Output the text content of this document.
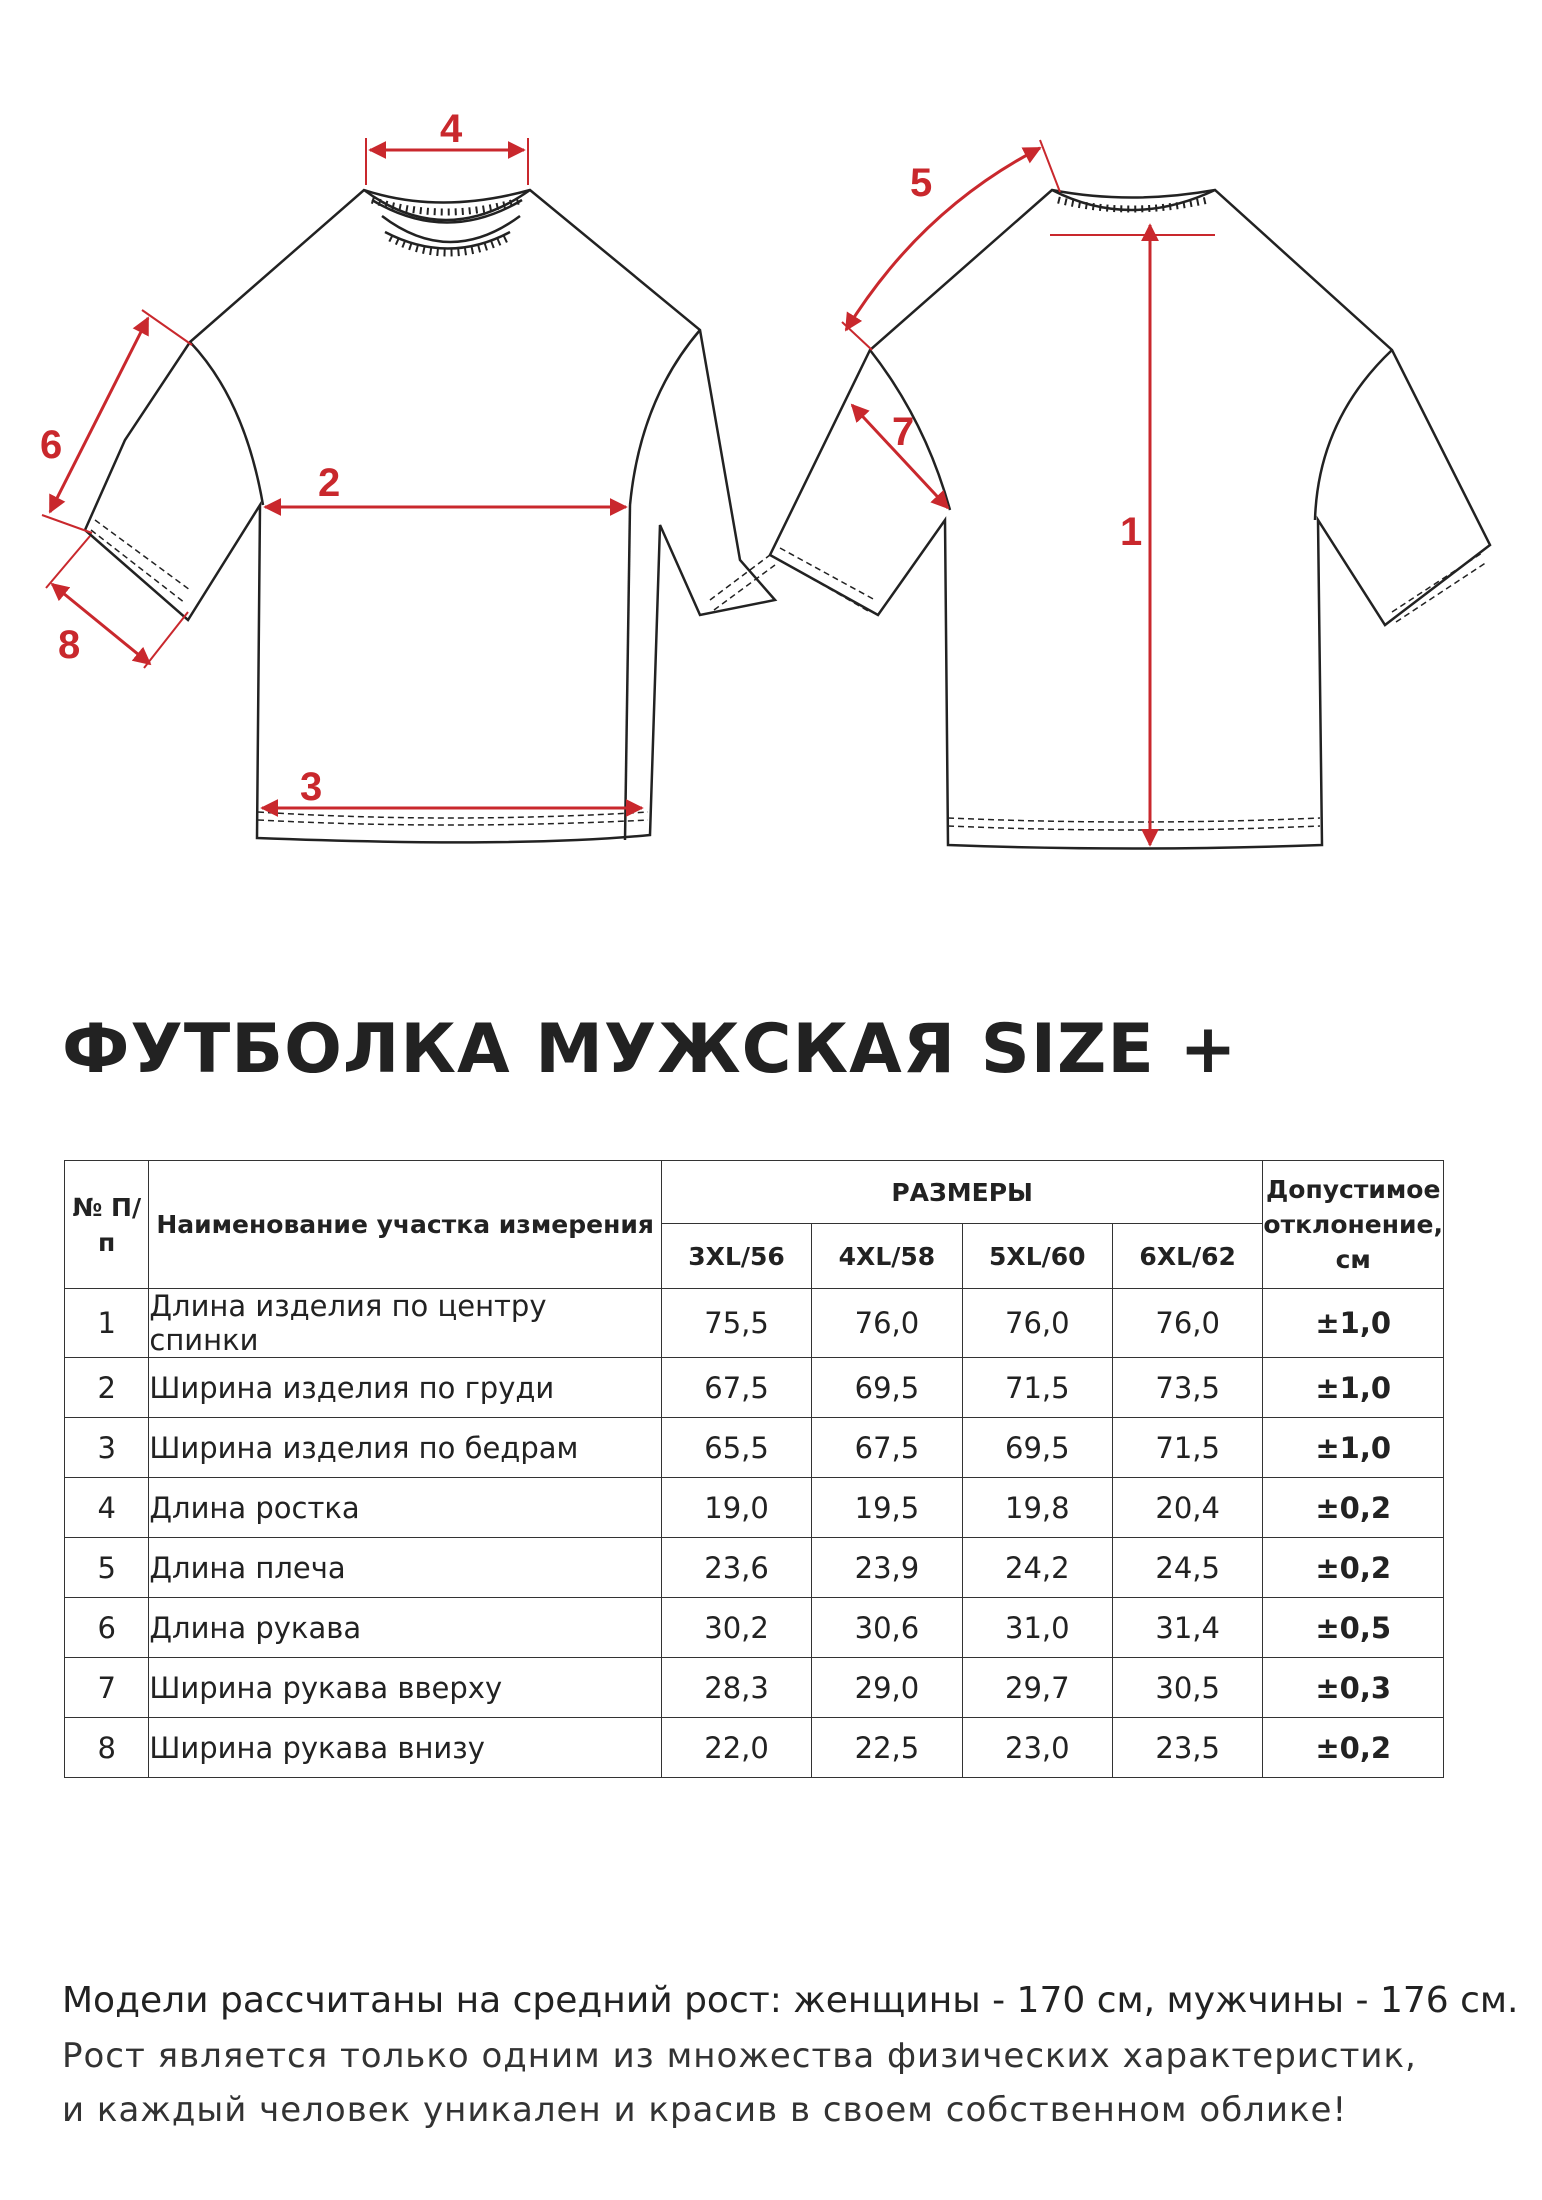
4
2
3
6
8
5
7
1
ФУТБОЛКА МУЖСКАЯ SIZE +
№ П/п	Наименование участка измерения	РАЗМЕРЫ				Допустимое отклонение, см
		3XL/56	4XL/58	5XL/60	6XL/62	
1	Длина изделия по центру спинки	75,5	76,0	76,0	76,0	±1,0
2	Ширина изделия по груди	67,5	69,5	71,5	73,5	±1,0
3	Ширина изделия по бедрам	65,5	67,5	69,5	71,5	±1,0
4	Длина ростка	19,0	19,5	19,8	20,4	±0,2
5	Длина плеча	23,6	23,9	24,2	24,5	±0,2
6	Длина рукава	30,2	30,6	31,0	31,4	±0,5
7	Ширина рукава вверху	28,3	29,0	29,7	30,5	±0,3
8	Ширина рукава внизу	22,0	22,5	23,0	23,5	±0,2
Модели рассчитаны на средний рост: женщины - 170 см, мужчины - 176 см.
Рост является только одним из множества физических характеристик,
и каждый человек уникален и красив в своем собственном облике!
